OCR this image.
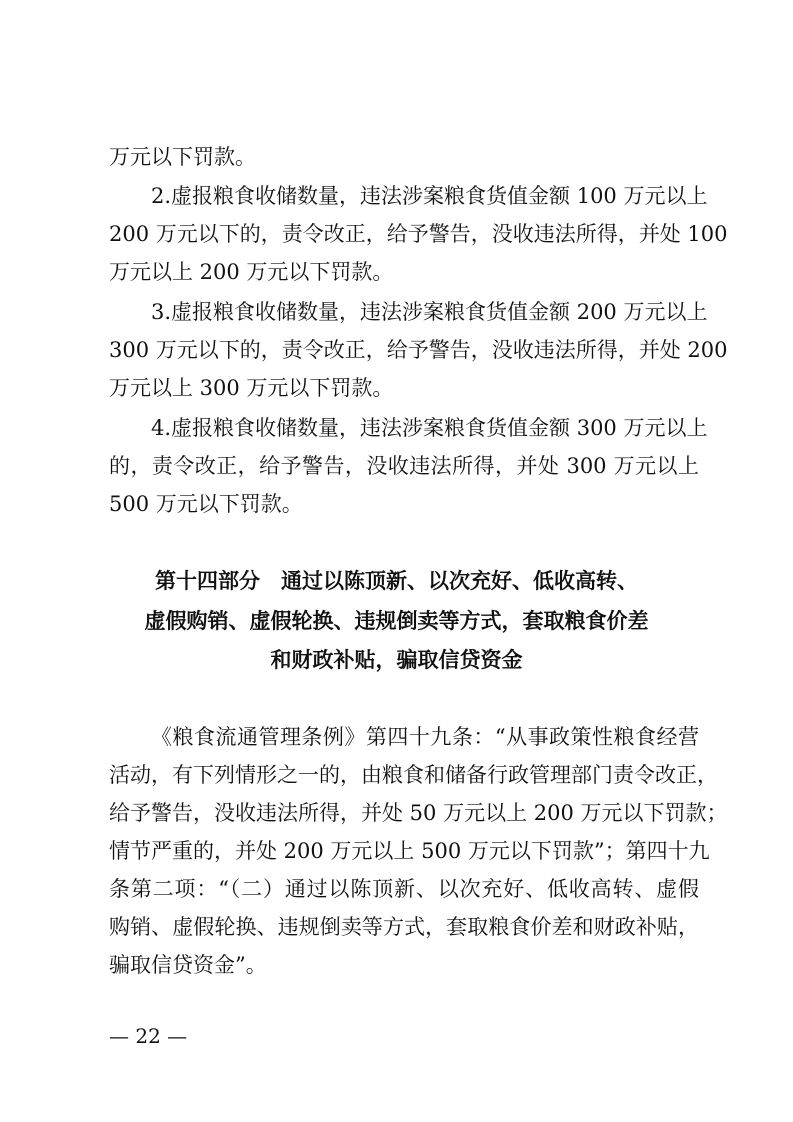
万元以下罚款。
2.虚报粮食收储数量，违法涉案粮食货值金额 100 万元以上
200 万元以下的，责令改正，给予警告，没收违法所得，并处 100
万元以上 200 万元以下罚款。
3.虚报粮食收储数量，违法涉案粮食货值金额 200 万元以上
300 万元以下的，责令改正，给予警告，没收违法所得，并处 200
万元以上 300 万元以下罚款。
4.虚报粮食收储数量，违法涉案粮食货值金额 300 万元以上
的，责令改正，给予警告，没收违法所得，并处 300 万元以上
500 万元以下罚款。
第十四部分　通过以陈顶新、以次充好、低收高转、
虚假购销、虚假轮换、违规倒卖等方式，套取粮食价差
和财政补贴，骗取信贷资金
《粮食流通管理条例》第四十九条：“从事政策性粮食经营
活动，有下列情形之一的，由粮食和储备行政管理部门责令改正，
给予警告，没收违法所得，并处 50 万元以上 200 万元以下罚款；
情节严重的，并处 200 万元以上 500 万元以下罚款”；第四十九
条第二项：“（二）通过以陈顶新、以次充好、低收高转、虚假
购销、虚假轮换、违规倒卖等方式，套取粮食价差和财政补贴，
骗取信贷资金”。
— 22 —
